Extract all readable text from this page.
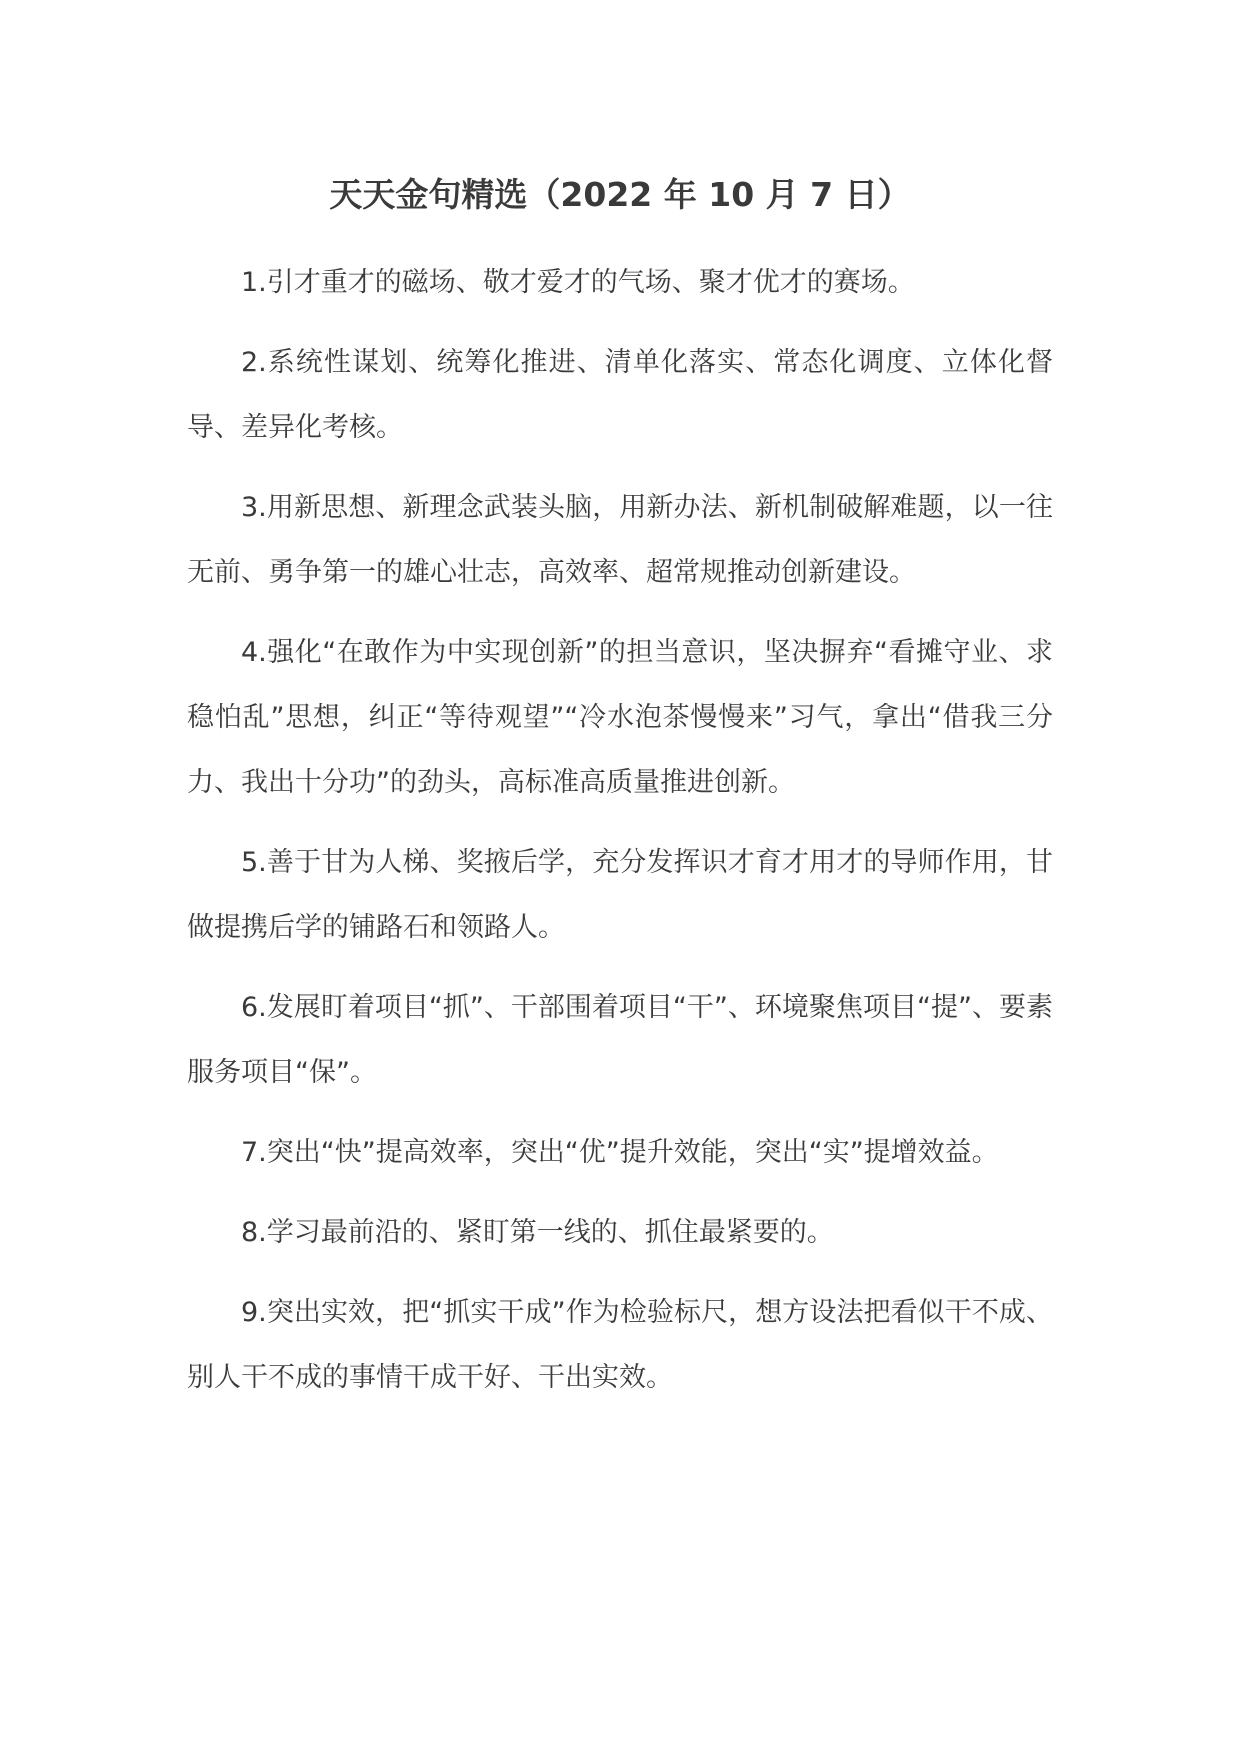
天天金句精选（2022 年 10 月 7 日）

1.引才重才的磁场、敬才爱才的气场、聚才优才的赛场。

2.系统性谋划、统筹化推进、清单化落实、常态化调度、立体化督导、差异化考核。

3.用新思想、新理念武装头脑，用新办法、新机制破解难题，以一往无前、勇争第一的雄心壮志，高效率、超常规推动创新建设。

4.强化“在敢作为中实现创新”的担当意识，坚决摒弃“看摊守业、求稳怕乱”思想，纠正“等待观望”“冷水泡茶慢慢来”习气，拿出“借我三分力、我出十分功”的劲头，高标准高质量推进创新。

5.善于甘为人梯、奖掖后学，充分发挥识才育才用才的导师作用，甘做提携后学的铺路石和领路人。

6.发展盯着项目“抓”、干部围着项目“干”、环境聚焦项目“提”、要素服务项目“保”。

7.突出“快”提高效率，突出“优”提升效能，突出“实”提增效益。

8.学习最前沿的、紧盯第一线的、抓住最紧要的。

9.突出实效，把“抓实干成”作为检验标尺，想方设法把看似干不成、别人干不成的事情干成干好、干出实效。
